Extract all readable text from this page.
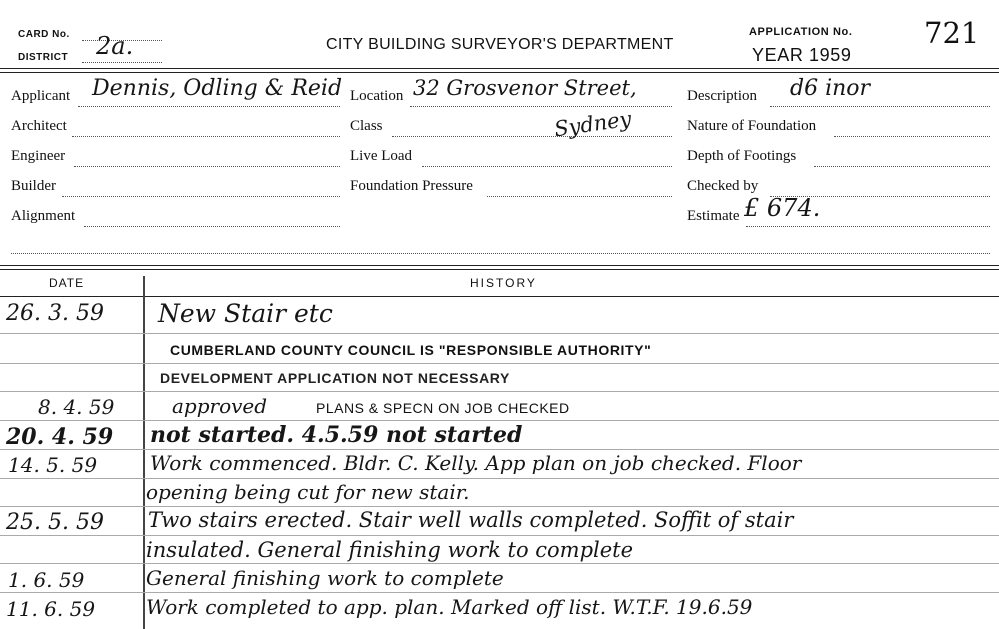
CARD No.
DISTRICT 2a.	CITY BUILDING SURVEYOR'S DEPARTMENT
APPLICATION No.
YEAR 1959
721
Applicant Dennis, Odling & Reid Location 32 Grosvenor Street,	Description d6 inor
Architect	Class	Sydney	Nature of Foundation
Engineer	Live Load	Depth of Footings
Builder	Foundation Pressure	Checked by
Alignment	Estimate £ 674.
DATE	HISTORY
26. 3. 59 New Stair etc
CUMBERLAND COUNTY COUNCIL IS "RESPONSIBLE AUTHORITY"
DEVELOPMENT APPLICATION NOT NECESSARY
8. 4. 59	approved	PLANS & SPECN ON JOB CHECKED
20. 4. 59 not started. 4.5.59 not started
14. 5. 59	Work commenced. Bldr. C. Kelly. App plan on job checked. Floor
opening being cut for new stair.
25. 5. 59 Two stairs erected. Stair well walls completed. Soffit of stair
insulated. General finishing work to complete
1. 6. 59	General finishing work to complete
11. 6. 59	Work completed to app. plan. Marked off list. W.T.F. 19.6.59
